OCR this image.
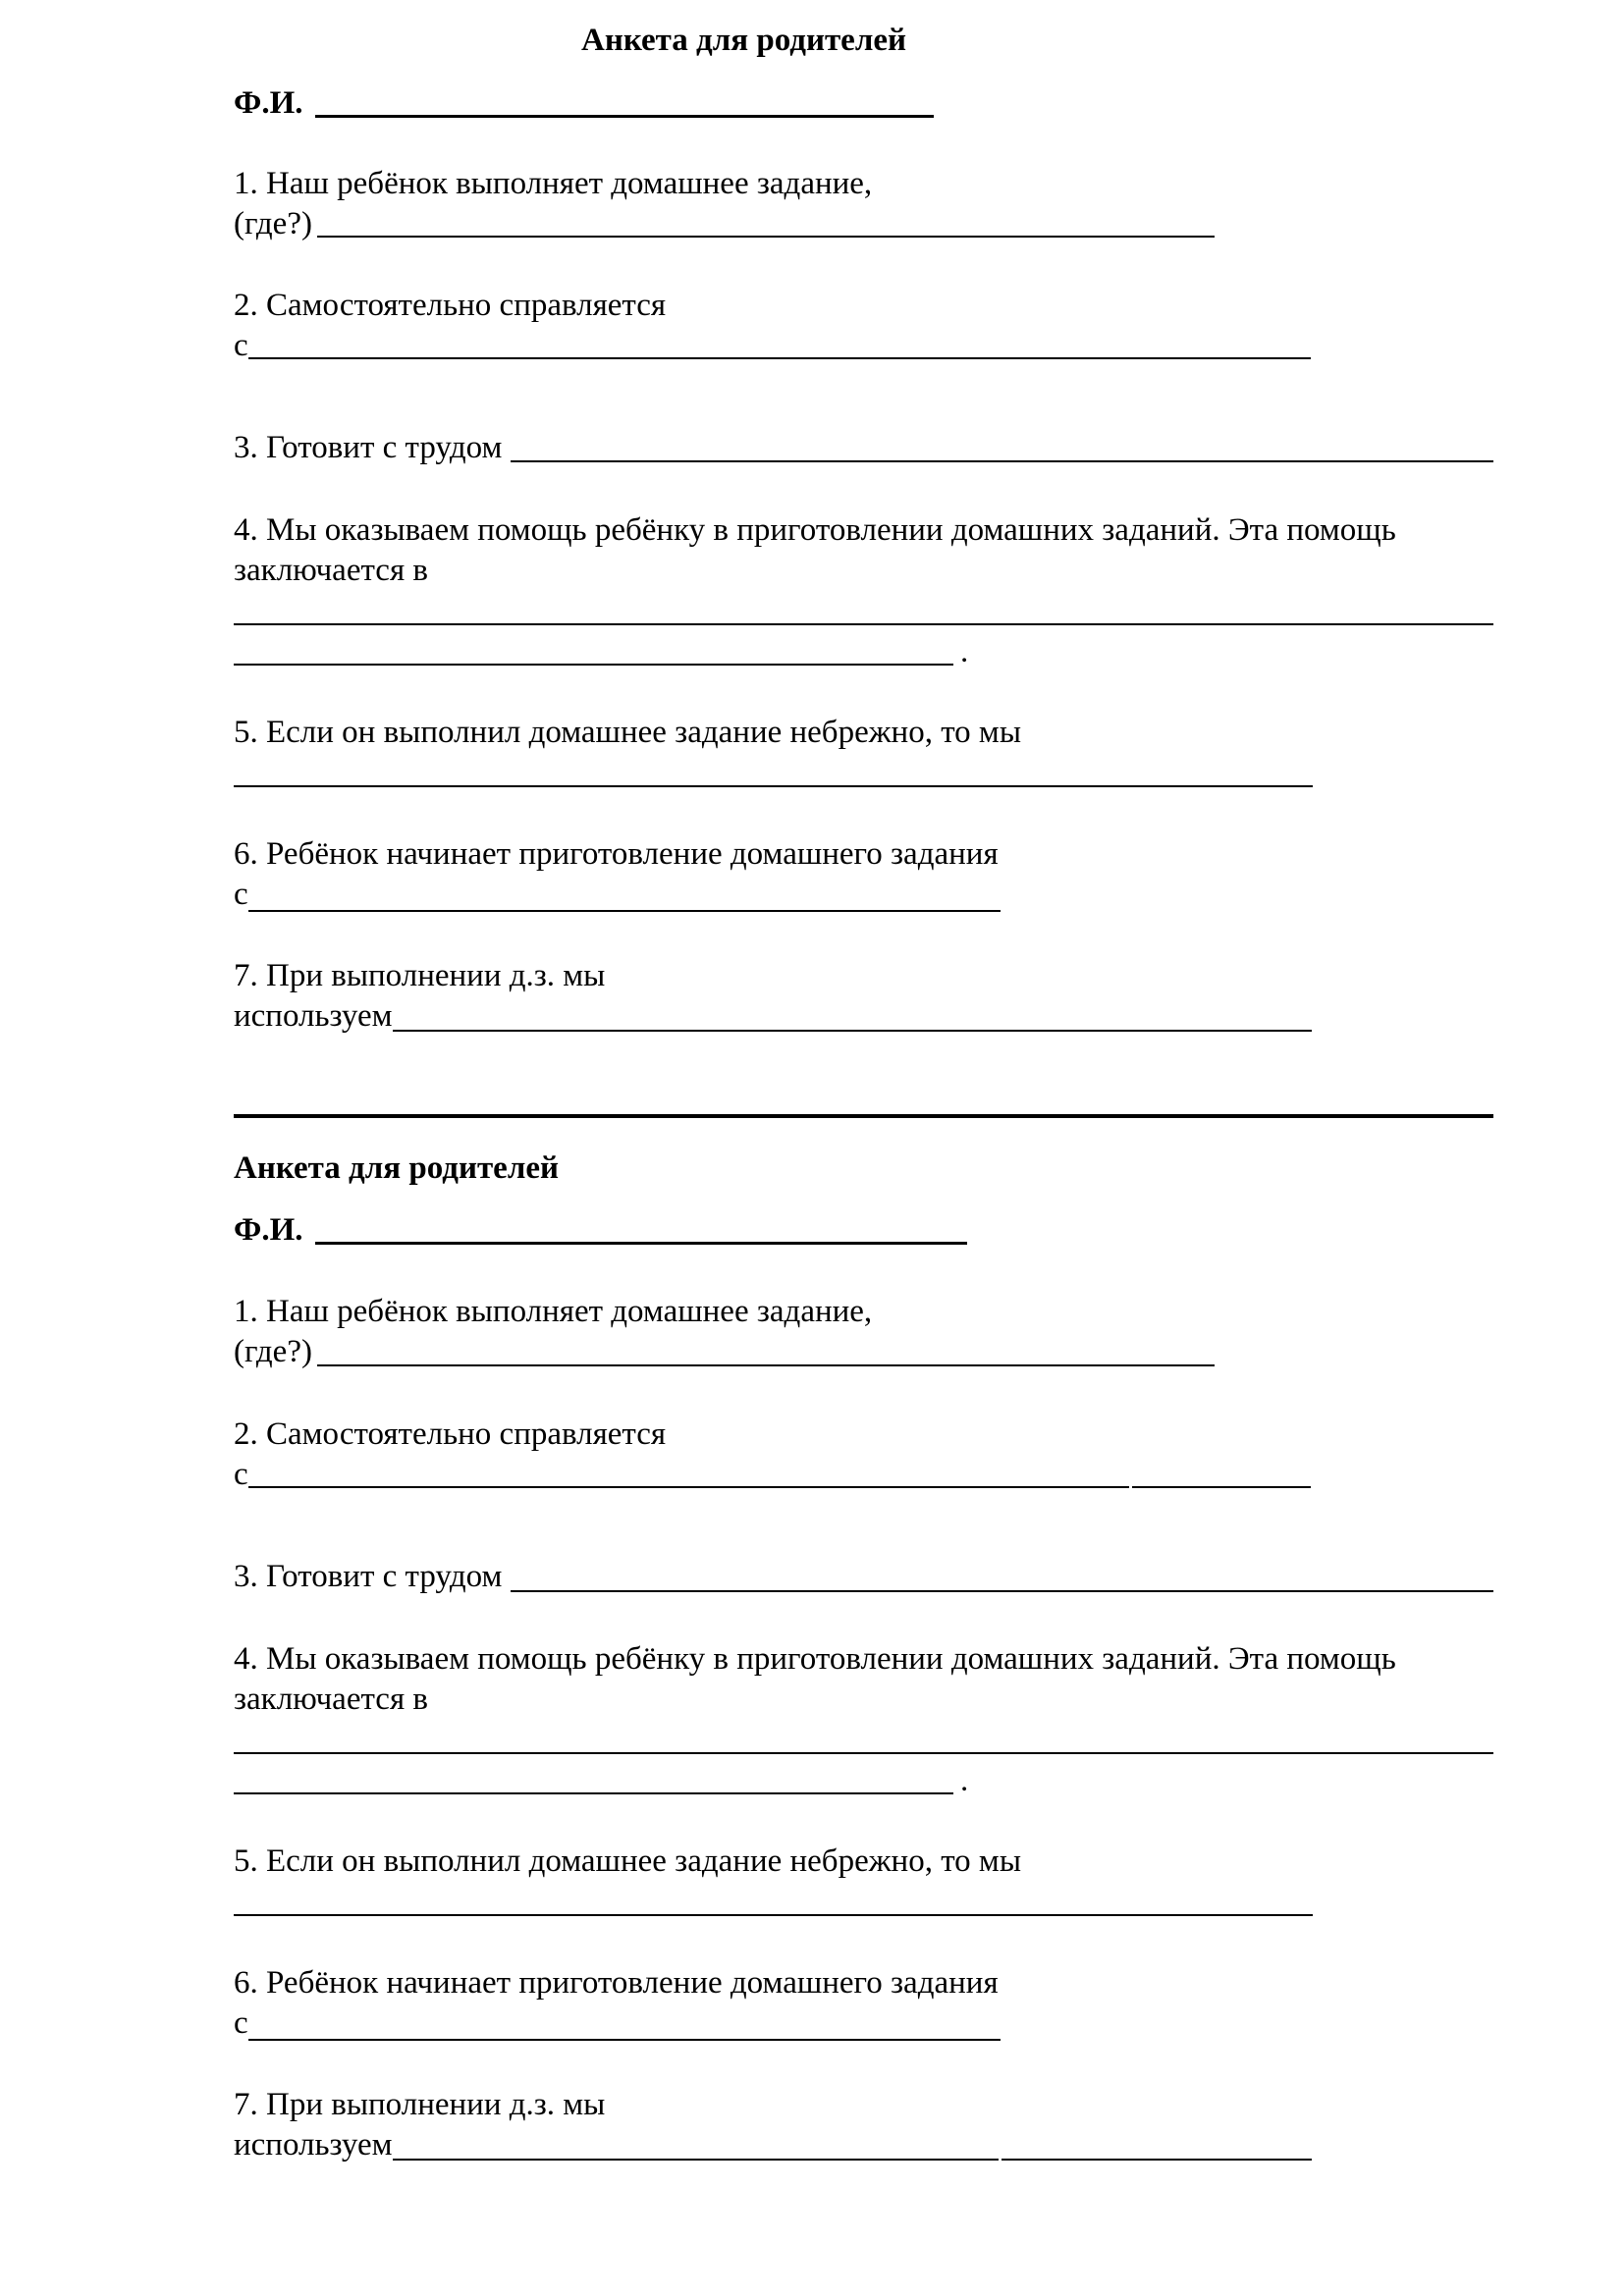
Анкета для родителей
Ф.И.
1. Наш ребёнок выполняет домашнее задание,
(где?)
2. Самостоятельно справляется
с
3. Готовит с трудом
4. Мы оказываем помощь ребёнку в приготовлении домашних заданий. Эта помощь
заключается в
.
5. Если он выполнил домашнее задание небрежно, то мы
6. Ребёнок начинает приготовление домашнего задания
с
7. При выполнении д.з. мы
используем
Анкета для родителей
Ф.И.
1. Наш ребёнок выполняет домашнее задание,
(где?)
2. Самостоятельно справляется
с
3. Готовит с трудом
4. Мы оказываем помощь ребёнку в приготовлении домашних заданий. Эта помощь
заключается в
.
5. Если он выполнил домашнее задание небрежно, то мы
6. Ребёнок начинает приготовление домашнего задания
с
7. При выполнении д.з. мы
используем
